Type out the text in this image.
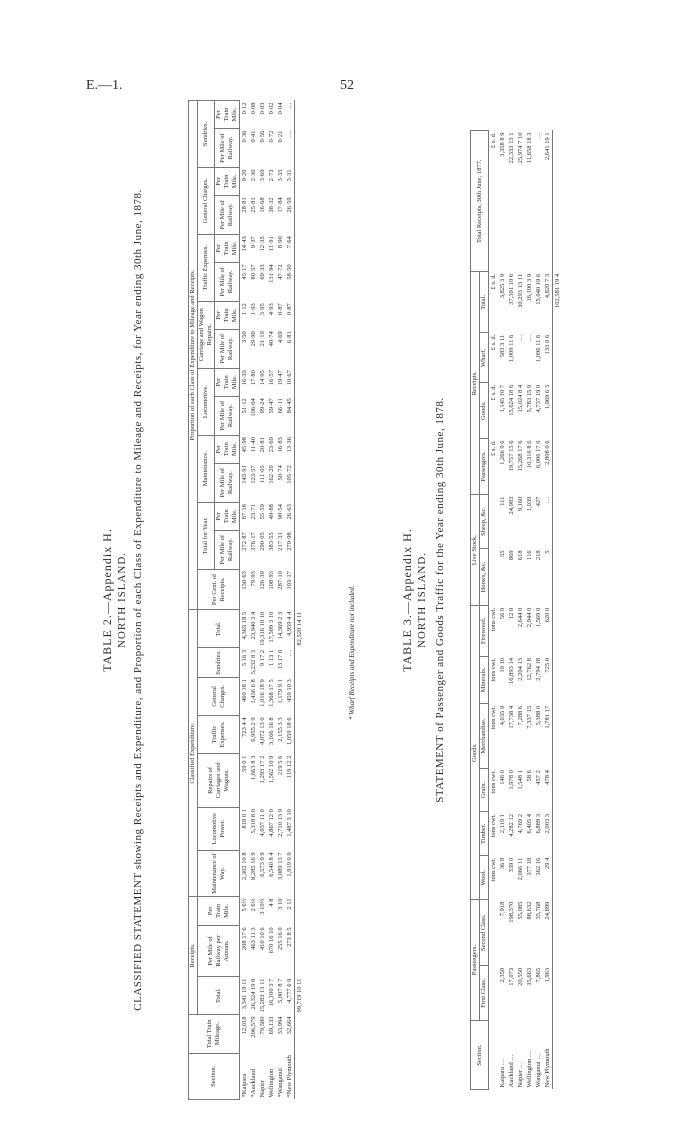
E.—1.	52
TABLE 2.—Appendix H. NORTH ISLAND. CLASSIFIED STATEMENT showing Receipts and Expenditure, and Proportion of each Class of Expenditure to Mileage and Receipts, for Year ending 30th June, 1878.
Section.	Total Train Mileage.	Receipts.			Classified Expenditure.							Proportion of each Class of Expenditure to Mileage and Receipts.														
		Total.	Per Mile of Railway per Annum.	Per Train Mile.	Maintenance of Way.	Locomotive Power.	Repairs of Carriages and Wagons.	Traffic Expenses.	General Charges.	Sundries.	Total.	Per Cent. of Receipts.	Total for Year.		Maintenance.		Locomotive.		Carriage and Wagon Repairs.		Traffic Expenses.		General Charges.		Sundries.	
													Per Mile of Railway.	Per Train Mile.	Per Mile of Railway.	Per Train Mile.	Per Mile of Railway.	Per Train Mile.	Per Mile of Railway.	Per Train Mile.	Per Mile of Railway.	Per Train Mile.	Per Mile of Railway.	Per Train Mile.	Per Mile of Railway.	Per Train Mile.
*Kaipara	12,018	3,341 19 11	208 17 6	5 6½	2,302 10 8	818 0 1	59 0 1	723 4 4	460 18 1	5 16 3	4,365 18 5	130·63	272·87	87·18	143·91	45·98	51·12	16·33	3·50	1·12	45·17	14·43	28·81	9·20	0·36	0·12
*Auckland	206,579	26,324 19 0	463 11 3	2 6½	8,285 16 9	5,318 8 0	1,663 8 3	6,955 2 9	1,436 6 8	5,232 8 3	23,940 3 4	79·93	376·17	23·71	123·57	11·40	106·04	17·80	29·90	1·93	80·57	9·37	25·81	2·30	0·41	0·08
Napier	79,580	15,283 13 11	410 10 6	3 10½	6,573 9 9	4,037 11 0	1,293 17 2	4,072 13 0	1,016 18 9	9 17 2	19,316 10 10	126·39	290·05	55·59	111·05	20·81	99·24	14·95	21·19	3·95	69·33	12·35	16·68	3·69	0·56	0·03
Wellington	69,133	16,100 3 7	670 16 10	4 8	6,540 8 4	4,867 12 0	1,562 10 9	3,166 16 8	1,368 17 5	1 13 1	17,509 3 10	108·93	383·55	49·88	162·20	23·69	59·47	16·57	40·74	4·93	131·94	11·91	38·32	2·73	0·72	0·02
*Wanganui	33,994	5,007 8 7	255 16 0	3 10	3,089 13 7	2,710 13 9	219 5 6	2,155 3 3	1,179 9 1	13 17 0	14,369 2 3	287·10	217·31	90·54	50·74	16·83	66·11	19·47	4·69	0·87	47·72	8·90	17·84	3·33	0·21	0·04
*New Plymouth	32,664	4,777 6 9	273 8 5	2 11	1,919 0 9	1,487 3 10	119 12 2	1,059 18 6	459 10 3	…	4,959 4 4	103·17	279·98	26·63	105·72	13·36	84·45	10·67	6·81	0·87	58·50	7·64	26·59	3·31	…	…
		99,719 10 11									82,520 14 11																* Wharf Receipts and Expenditure not included.	TABLE 3.—Appendix H. NORTH ISLAND. STATEMENT of Passenger and Goods Traffic for the Year ending 30th June, 1878.
Section.	Passengers.		Goods.						Live Stock.		Receipts.				Total Receipts, 30th June, 1877.
	First Class.	Second Class.	Wool.	Timber.	Grain.	Merchandise.	Minerals.	Firewood.	Horses, &c.	Sheep, &c.	Passengers.	Goods.	Wharf.	Total.	
			tons cwt.	tons cwt.	tons cwt.	tons cwt.	tons cwt.	tons cwt.			£ s. d.	£ s. d.	£ s. d.	£ s. d.	£ s. d.
Kaipara …	2,350	7,918	36 8	2,119 1	146 0	4,035 9	19 10	56 0	55	111	1,266 9 6	1,145 10 7	583 3 11	3,825 3 9	3,358 8 9
Auckland …	17,073	198,370	339 0	4,282 12	1,978 0	17,738 4	16,893 14	12 0	869	24,983	19,757 15 6	15,624 18 6	1,009 11 6	37,391 10 6	22,333 13 1
Napier …	20,550	55,085	2,066 11	4,769 2	1,548 1	7,288 6	2,204 13	2,644 0	618	9,160	15,268 17 6	15,024 8 4	…	30,293 13 11	25,974 7 10
Wellington …	35,663	88,632	377 18	6,405 4	58 6	7,337 15	12,762 8	2,944 0	116	1,039	10,316 8 6	5,783 15 9	…	16,100 3 9	11,658 18 3
Wanganui …	7,865	35,768	362 16	6,889 3	457 2	5,388 0	2,794 18	1,569 0	218	427	6,006 17 0	4,737 19 0	1,096 11 6	15,040 19 6	…
New Plymouth	1,963	24,899	29 4	2,003 3	478 4	1,781 17	725 0	620 0	5	…	2,808 0 6	1,969 6 3	133 0 6	4,820 7 3	2,641 19 1
														102,581 19 4	
